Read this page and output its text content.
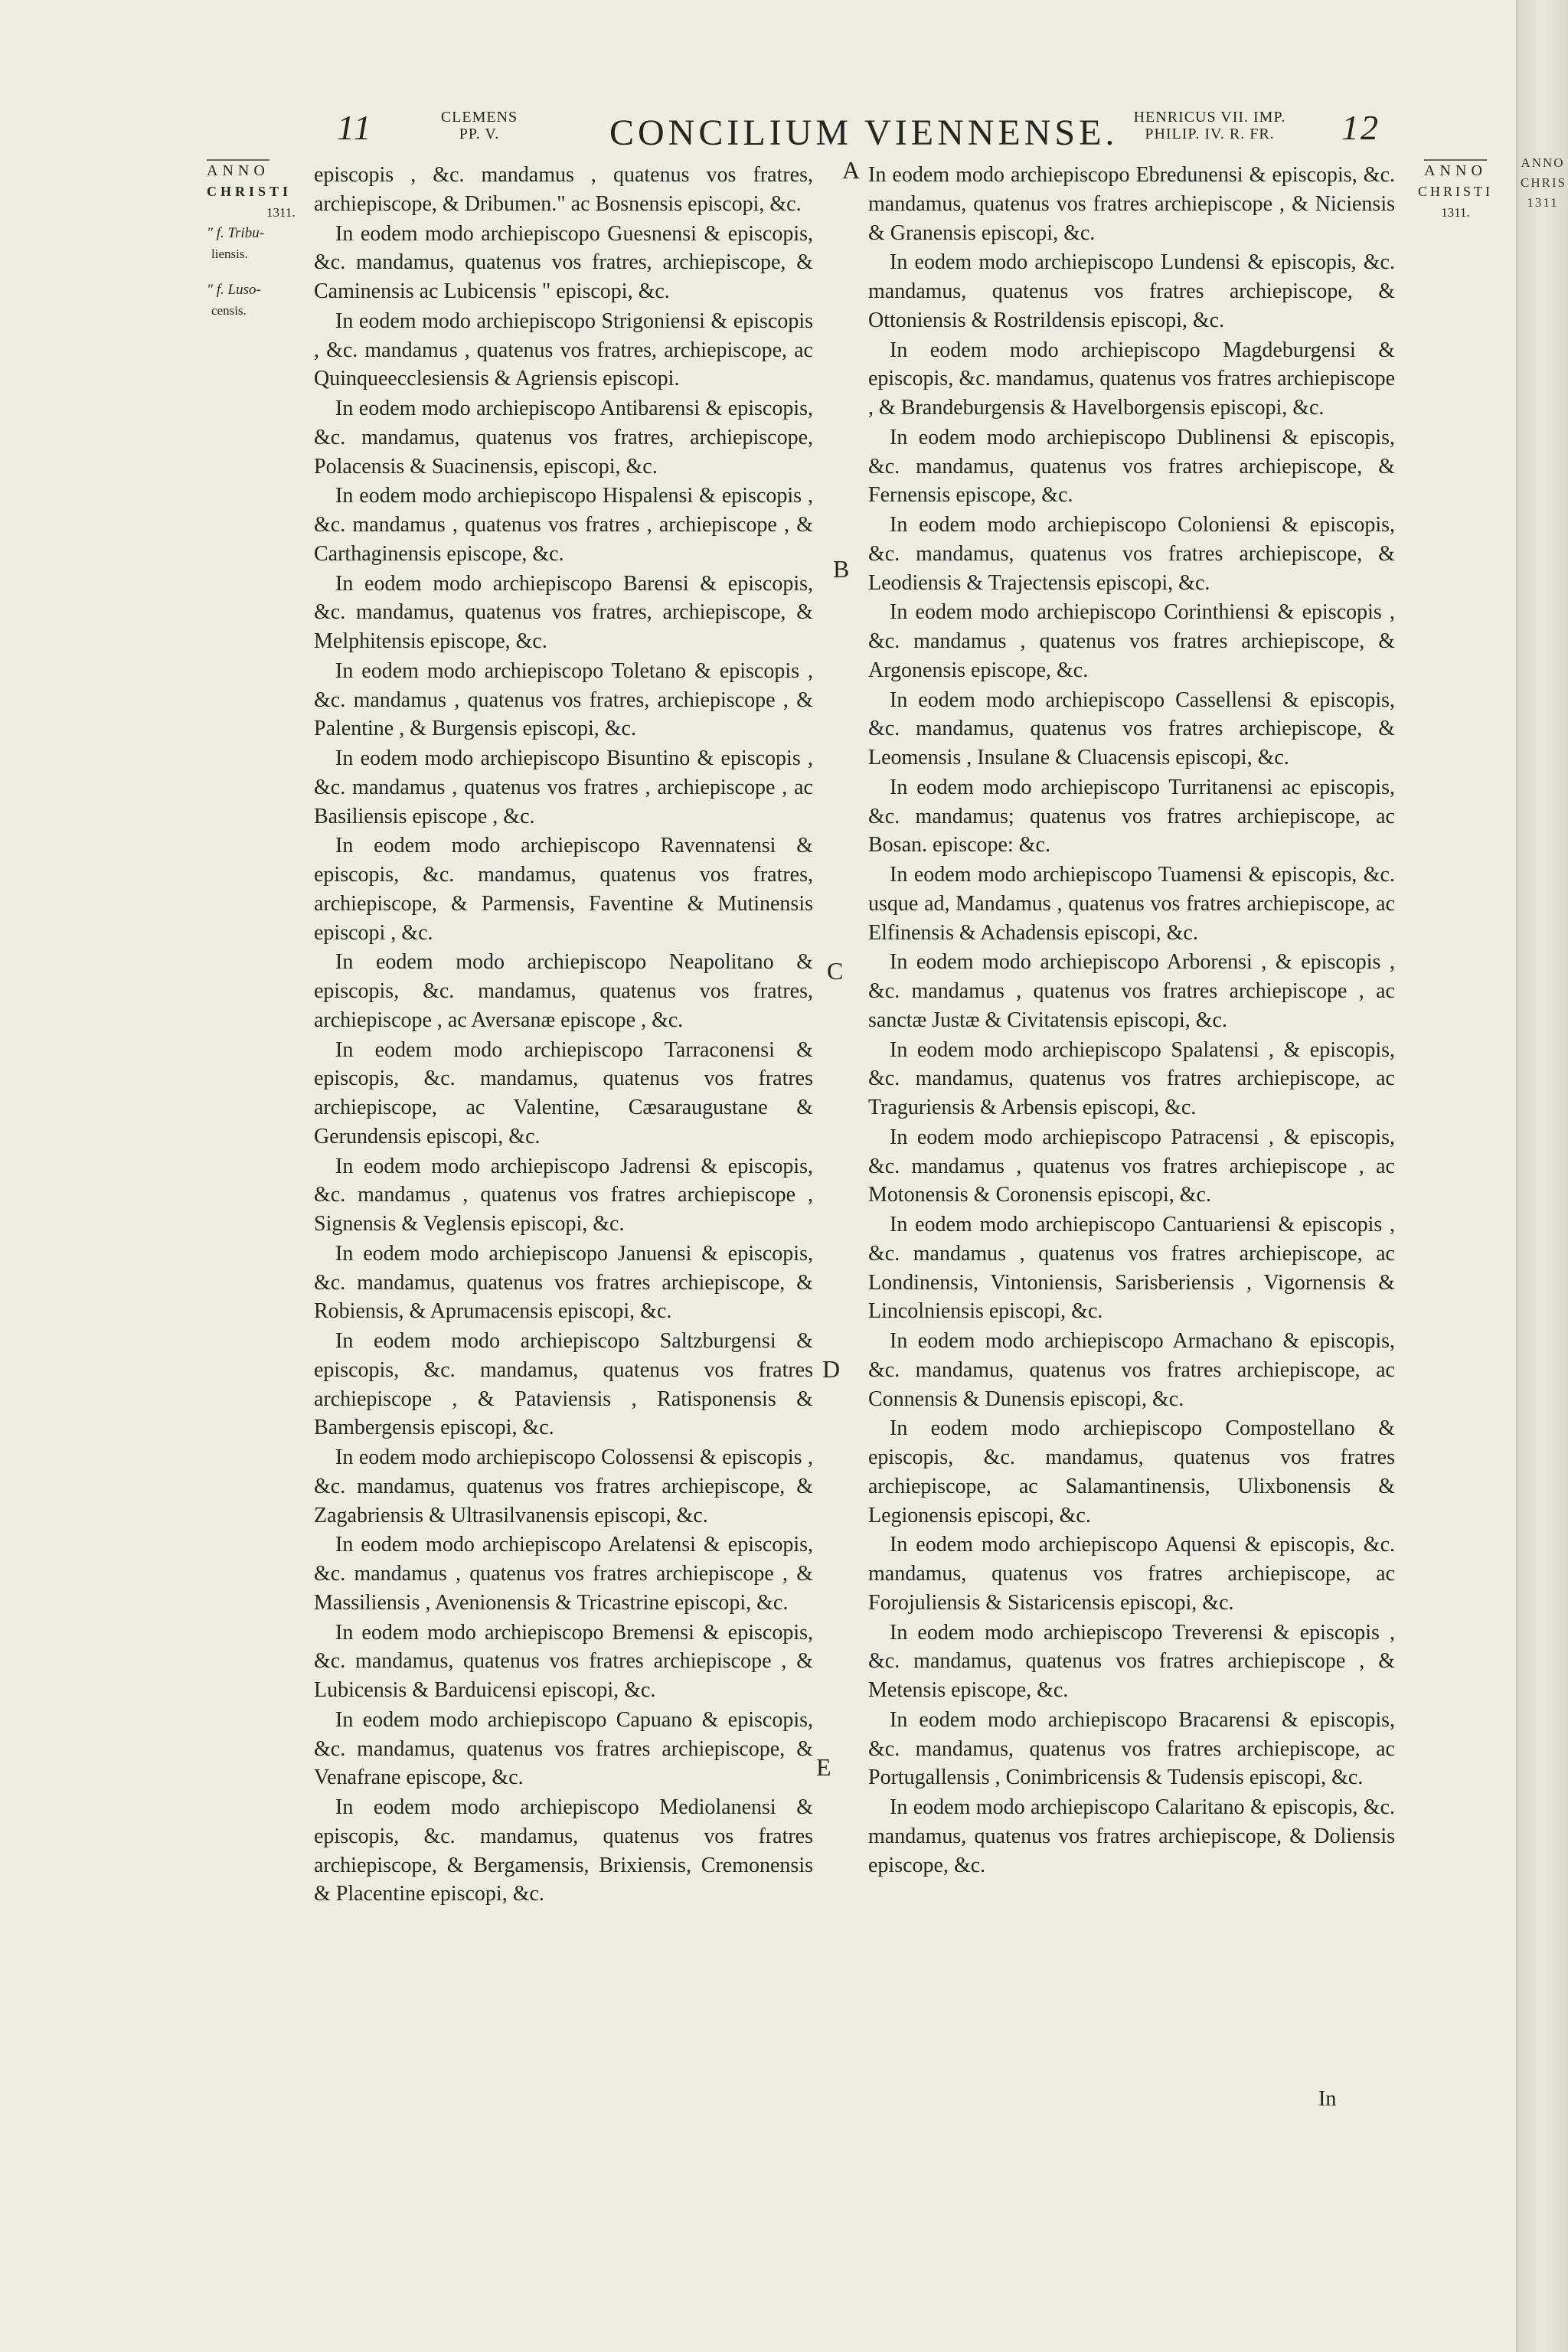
ANNO CHRIS 1311
11	CLEMENS
PP. V.	CONCILIUM VIENNENSE.	HENRICUS VII. IMP.
PHILIP. IV. R. FR.	12
ANNO
CHRISTI
1311.
" f. Tribu-
liensis.
" f. Luso-
censis.
ANNO
CHRISTI
1311.

episcopis , &c. mandamus , quatenus vos fratres, archiepiscope, & Dribumen." ac Bosnensis episcopi, &c.

In eodem modo archiepiscopo Guesnensi & episcopis, &c. mandamus, quatenus vos fratres, archiepiscope, & Caminensis ac Lubicensis " episcopi, &c.

In eodem modo archiepiscopo Strigoniensi & episcopis , &c. mandamus , quatenus vos fratres, archiepiscope, ac Quinqueecclesiensis & Agriensis episcopi.

In eodem modo archiepiscopo Antibarensi & episcopis, &c. mandamus, quatenus vos fratres, archiepiscope, Polacensis & Suacinensis, episcopi, &c.

In eodem modo archiepiscopo Hispalensi & episcopis , &c. mandamus , quatenus vos fratres , archiepiscope , & Carthaginensis episcope, &c.

In eodem modo archiepiscopo Barensi & episcopis, &c. mandamus, quatenus vos fratres, archiepiscope, & Melphitensis episcope, &c.

In eodem modo archiepiscopo Toletano & episcopis , &c. mandamus , quatenus vos fratres, archiepiscope , & Palentine , & Burgensis episcopi, &c.

In eodem modo archiepiscopo Bisuntino & episcopis , &c. mandamus , quatenus vos fratres , archiepiscope , ac Basiliensis episcope , &c.

In eodem modo archiepiscopo Ravennatensi & episcopis, &c. mandamus, quatenus vos fratres, archiepiscope, & Parmensis, Faventine & Mutinensis episcopi , &c.

In eodem modo archiepiscopo Neapolitano & episcopis, &c. mandamus, quatenus vos fratres, archiepiscope , ac Aversanæ episcope , &c.

In eodem modo archiepiscopo Tarraconensi & episcopis, &c. mandamus, quatenus vos fratres archiepiscope, ac Valentine, Cæsaraugustane & Gerundensis episcopi, &c.

In eodem modo archiepiscopo Jadrensi & episcopis, &c. mandamus , quatenus vos fratres archiepiscope , Signensis & Veglensis episcopi, &c.

In eodem modo archiepiscopo Januensi & episcopis, &c. mandamus, quatenus vos fratres archiepiscope, & Robiensis, & Aprumacensis episcopi, &c.

In eodem modo archiepiscopo Saltzburgensi & episcopis, &c. mandamus, quatenus vos fratres archiepiscope , & Pataviensis , Ratisponensis & Bambergensis episcopi, &c.

In eodem modo archiepiscopo Colossensi & episcopis , &c. mandamus, quatenus vos fratres archiepiscope, & Zagabriensis & Ultrasilvanensis episcopi, &c.

In eodem modo archiepiscopo Arelatensi & episcopis, &c. mandamus , quatenus vos fratres archiepiscope , & Massiliensis , Avenionensis & Tricastrine episcopi, &c.

In eodem modo archiepiscopo Bremensi & episcopis, &c. mandamus, quatenus vos fratres archiepiscope , & Lubicensis & Barduicensi episcopi, &c.

In eodem modo archiepiscopo Capuano & episcopis, &c. mandamus, quatenus vos fratres archiepiscope, & Venafrane episcope, &c.

In eodem modo archiepiscopo Mediolanensi & episcopis, &c. mandamus, quatenus vos fratres archiepiscope, & Bergamensis, Brixiensis, Cremonensis & Placentine episcopi, &c.

A
B
C
D
E

In eodem modo archiepiscopo Ebredunensi & episcopis, &c. mandamus, quatenus vos fratres archiepiscope , & Niciensis & Granensis episcopi, &c.

In eodem modo archiepiscopo Lundensi & episcopis, &c. mandamus, quatenus vos fratres archiepiscope, & Ottoniensis & Rostrildensis episcopi, &c.

In eodem modo archiepiscopo Magdeburgensi & episcopis, &c. mandamus, quatenus vos fratres archiepiscope , & Brandeburgensis & Havelborgensis episcopi, &c.

In eodem modo archiepiscopo Dublinensi & episcopis, &c. mandamus, quatenus vos fratres archiepiscope, & Fernensis episcope, &c.

In eodem modo archiepiscopo Coloniensi & episcopis, &c. mandamus, quatenus vos fratres archiepiscope, & Leodiensis & Trajectensis episcopi, &c.

In eodem modo archiepiscopo Corinthiensi & episcopis , &c. mandamus , quatenus vos fratres archiepiscope, & Argonensis episcope, &c.

In eodem modo archiepiscopo Cassellensi & episcopis, &c. mandamus, quatenus vos fratres archiepiscope, & Leomensis , Insulane & Cluacensis episcopi, &c.

In eodem modo archiepiscopo Turritanensi ac episcopis, &c. mandamus; quatenus vos fratres archiepiscope, ac Bosan. episcope: &c.

In eodem modo archiepiscopo Tuamensi & episcopis, &c. usque ad, Mandamus , quatenus vos fratres archiepiscope, ac Elfinensis & Achadensis episcopi, &c.

In eodem modo archiepiscopo Arborensi , & episcopis , &c. mandamus , quatenus vos fratres archiepiscope , ac sanctæ Justæ & Civitatensis episcopi, &c.

In eodem modo archiepiscopo Spalatensi , & episcopis, &c. mandamus, quatenus vos fratres archiepiscope, ac Traguriensis & Arbensis episcopi, &c.

In eodem modo archiepiscopo Patracensi , & episcopis, &c. mandamus , quatenus vos fratres archiepiscope , ac Motonensis & Coronensis episcopi, &c.

In eodem modo archiepiscopo Cantuariensi & episcopis , &c. mandamus , quatenus vos fratres archiepiscope, ac Londinensis, Vintoniensis, Sarisberiensis , Vigornensis & Lincolniensis episcopi, &c.

In eodem modo archiepiscopo Armachano & episcopis, &c. mandamus, quatenus vos fratres archiepiscope, ac Connensis & Dunensis episcopi, &c.

In eodem modo archiepiscopo Compostellano & episcopis, &c. mandamus, quatenus vos fratres archiepiscope, ac Salamantinensis, Ulixbonensis & Legionensis episcopi, &c.

In eodem modo archiepiscopo Aquensi & episcopis, &c. mandamus, quatenus vos fratres archiepiscope, ac Forojuliensis & Sistaricensis episcopi, &c.

In eodem modo archiepiscopo Treverensi & episcopis , &c. mandamus, quatenus vos fratres archiepiscope , & Metensis episcope, &c.

In eodem modo archiepiscopo Bracarensi & episcopis, &c. mandamus, quatenus vos fratres archiepiscope, ac Portugallensis , Conimbricensis & Tudensis episcopi, &c.

In eodem modo archiepiscopo Calaritano & episcopis, &c. mandamus, quatenus vos fratres archiepiscope, & Doliensis episcope, &c.

In
